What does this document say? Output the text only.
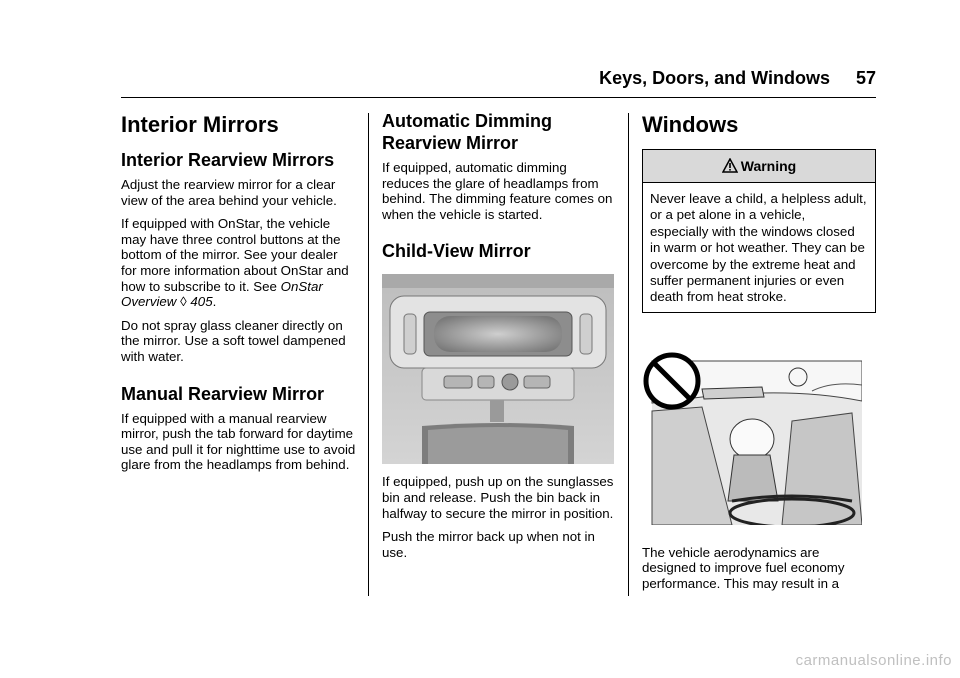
Keys, Doors, and Windows 57
Interior Mirrors
Interior Rearview Mirrors

Adjust the rearview mirror for a clear view of the area behind your vehicle.

If equipped with OnStar, the vehicle may have three control buttons at the bottom of the mirror. See your dealer for more information about OnStar and how to subscribe to it. See OnStar Overview ◊ 405.

Do not spray glass cleaner directly on the mirror. Use a soft towel dampened with water.

Manual Rearview Mirror

If equipped with a manual rearview mirror, push the tab forward for daytime use and pull it for nighttime use to avoid glare from the headlamps from behind.

Automatic Dimming Rearview Mirror

If equipped, automatic dimming reduces the glare of headlamps from behind. The dimming feature comes on when the vehicle is started.

Child-View Mirror

If equipped, push up on the sunglasses bin and release. Push the bin back in halfway to secure the mirror in position.

Push the mirror back up when not in use.

Windows
Warning
Never leave a child, a helpless adult, or a pet alone in a vehicle, especially with the windows closed in warm or hot weather. They can be overcome by the extreme heat and suffer permanent injuries or even death from heat stroke.

The vehicle aerodynamics are designed to improve fuel economy performance. This may result in a

carmanualsonline.info
